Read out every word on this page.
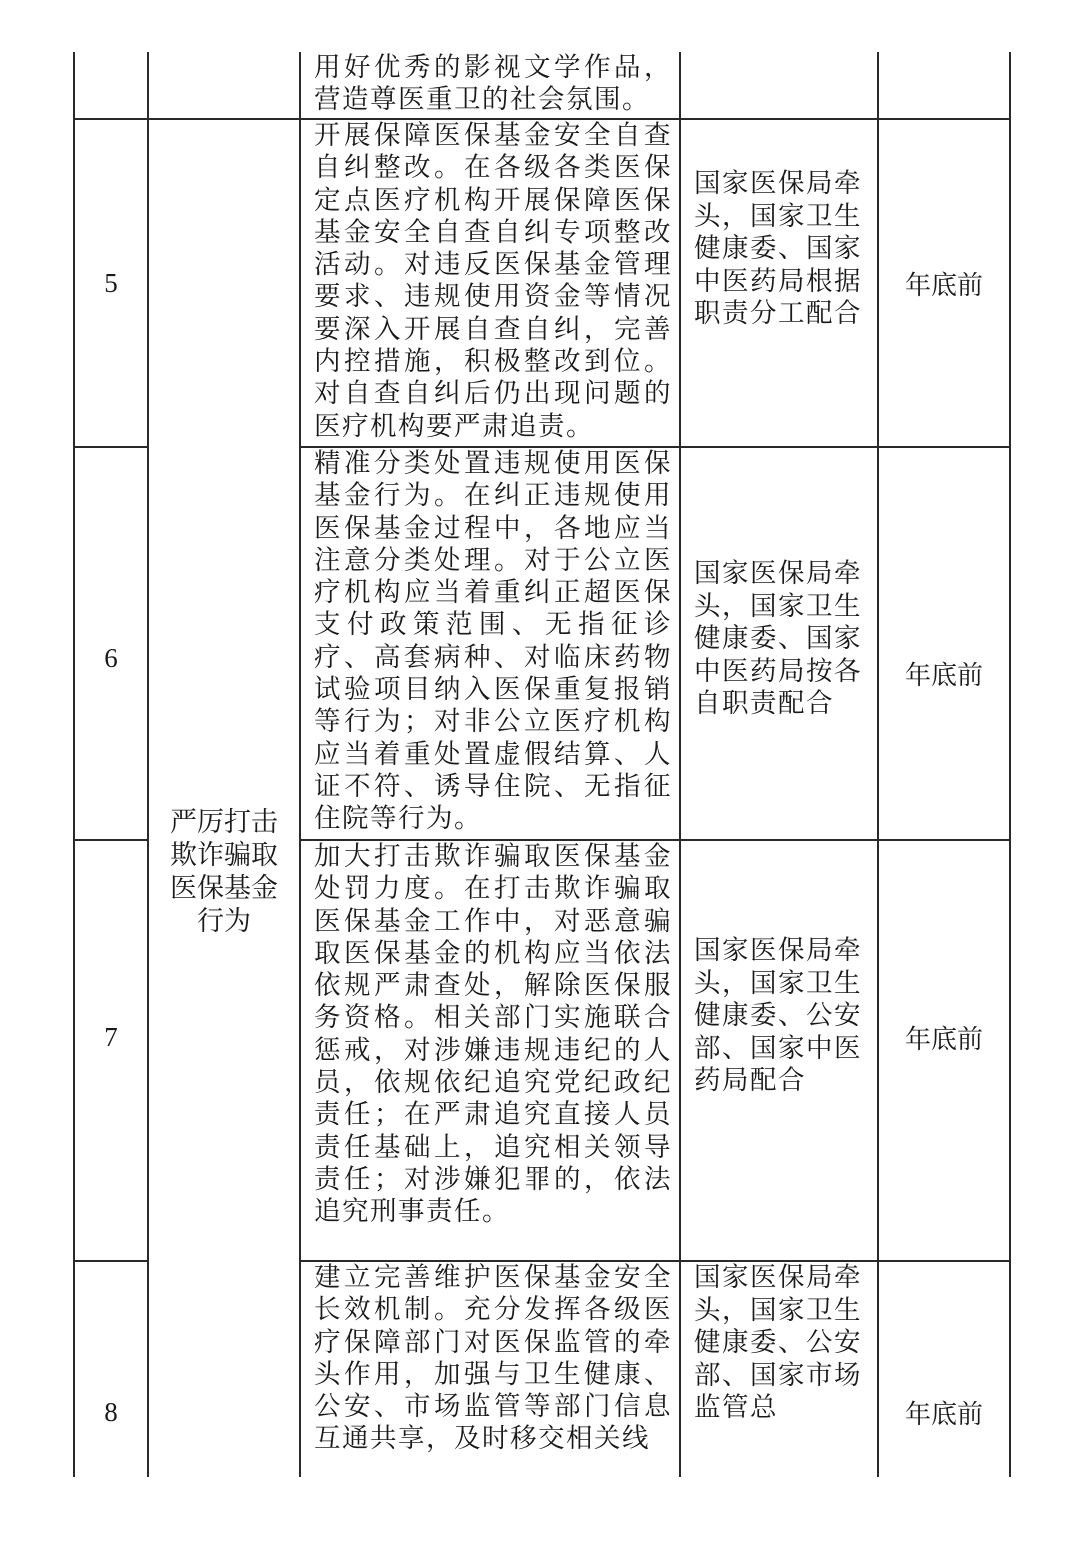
严厉打击欺诈骗取医保基金行为
用好优秀的影视文学作品，营造尊医重卫的社会氛围。
5
开展保障医保基金安全自查自纠整改。在各级各类医保定点医疗机构开展保障医保基金安全自查自纠专项整改活动。对违反医保基金管理要求、违规使用资金等情况要深入开展自查自纠，完善内控措施，积极整改到位。对自查自纠后仍出现问题的医疗机构要严肃追责。
国家医保局牵头，国家卫生健康委、国家中医药局根据职责分工配合
年底前
6
精准分类处置违规使用医保基金行为。在纠正违规使用医保基金过程中，各地应当注意分类处理。对于公立医疗机构应当着重纠正超医保支付政策范围、无指征诊疗、高套病种、对临床药物试验项目纳入医保重复报销等行为；对非公立医疗机构应当着重处置虚假结算、人证不符、诱导住院、无指征住院等行为。
国家医保局牵头，国家卫生健康委、国家中医药局按各自职责配合
年底前
7
加大打击欺诈骗取医保基金处罚力度。在打击欺诈骗取医保基金工作中，对恶意骗取医保基金的机构应当依法依规严肃查处，解除医保服务资格。相关部门实施联合惩戒，对涉嫌违规违纪的人员，依规依纪追究党纪政纪责任；在严肃追究直接人员责任基础上，追究相关领导责任；对涉嫌犯罪的，依法追究刑事责任。
国家医保局牵头，国家卫生健康委、公安部、国家中医药局配合
年底前
8
建立完善维护医保基金安全长效机制。充分发挥各级医疗保障部门对医保监管的牵头作用，加强与卫生健康、公安、市场监管等部门信息互通共享，及时移交相关线
国家医保局牵头，国家卫生健康委、公安部、国家市场监管总	年底前
